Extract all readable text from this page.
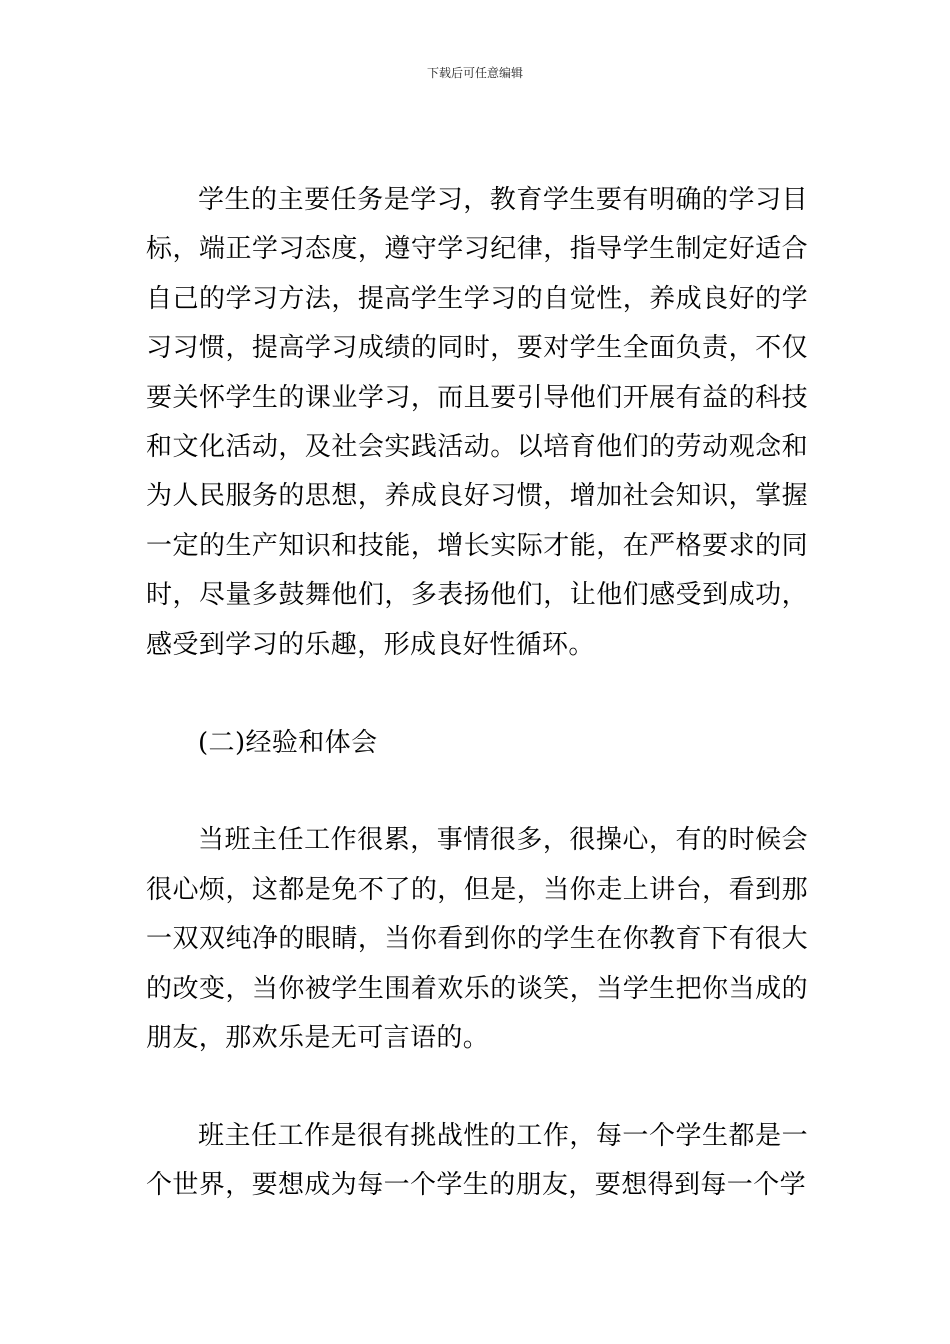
下载后可任意编辑

学生的主要任务是学习，教育学生要有明确的学习目标，端正学习态度，遵守学习纪律，指导学生制定好适合自己的学习方法，提高学生学习的自觉性，养成良好的学习习惯，提高学习成绩的同时，要对学生全面负责，不仅要关怀学生的课业学习，而且要引导他们开展有益的科技和文化活动，及社会实践活动。以培育他们的劳动观念和为人民服务的思想，养成良好习惯，增加社会知识，掌握一定的生产知识和技能，增长实际才能，在严格要求的同时，尽量多鼓舞他们，多表扬他们，让他们感受到成功，感受到学习的乐趣，形成良好性循环。

(二)经验和体会

当班主任工作很累，事情很多，很操心，有的时候会很心烦，这都是免不了的，但是，当你走上讲台，看到那一双双纯净的眼睛，当你看到你的学生在你教育下有很大的改变，当你被学生围着欢乐的谈笑，当学生把你当成的朋友，那欢乐是无可言语的。

班主任工作是很有挑战性的工作，每一个学生都是一个世界，要想成为每一个学生的朋友，要想得到每一个学
